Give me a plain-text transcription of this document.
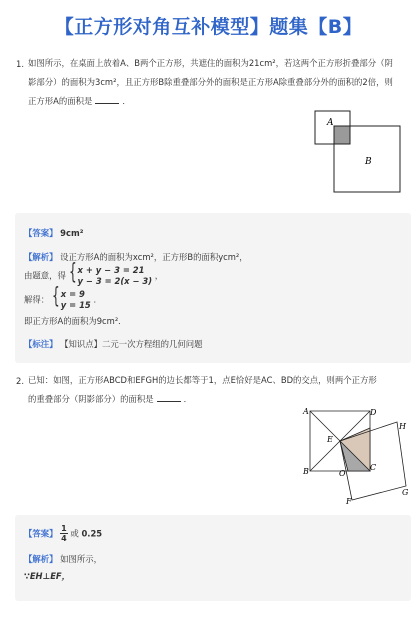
【正方形对角互补模型】题集【B】
1. 如图所示，在桌面上放着A、B两个正方形，共遮住的面积为21cm²，若这两个正方形折叠部分（阴
影部分）的面积为3cm²，且正方形B除重叠部分外的面积是正方形A除重叠部分外的面积的2倍，则
正方形A的面积是	．
A
B
【答案】 9cm²
【解析】 设正方形A的面积为xcm²，正方形B的面积ycm²，
由题意，得 { x + y − 3 = 21
y − 3 = 2(x − 3)
，
解得： { x = 9
y = 15
．
即正方形A的面积为9cm²．
【标注】 【知识点】二元一次方程组的几何问题
2. 已知：如图，正方形ABCD和EFGH的边长都等于1，点E恰好是AC、BD的交点，则两个正方形
的重叠部分（阴影部分）的面积是	．
A	D
H
E
B	O
C
F
G
【答案】 $\frac{1}{4}$ 或 0.25
【解析】 如图所示，
∵EH⊥EF，
